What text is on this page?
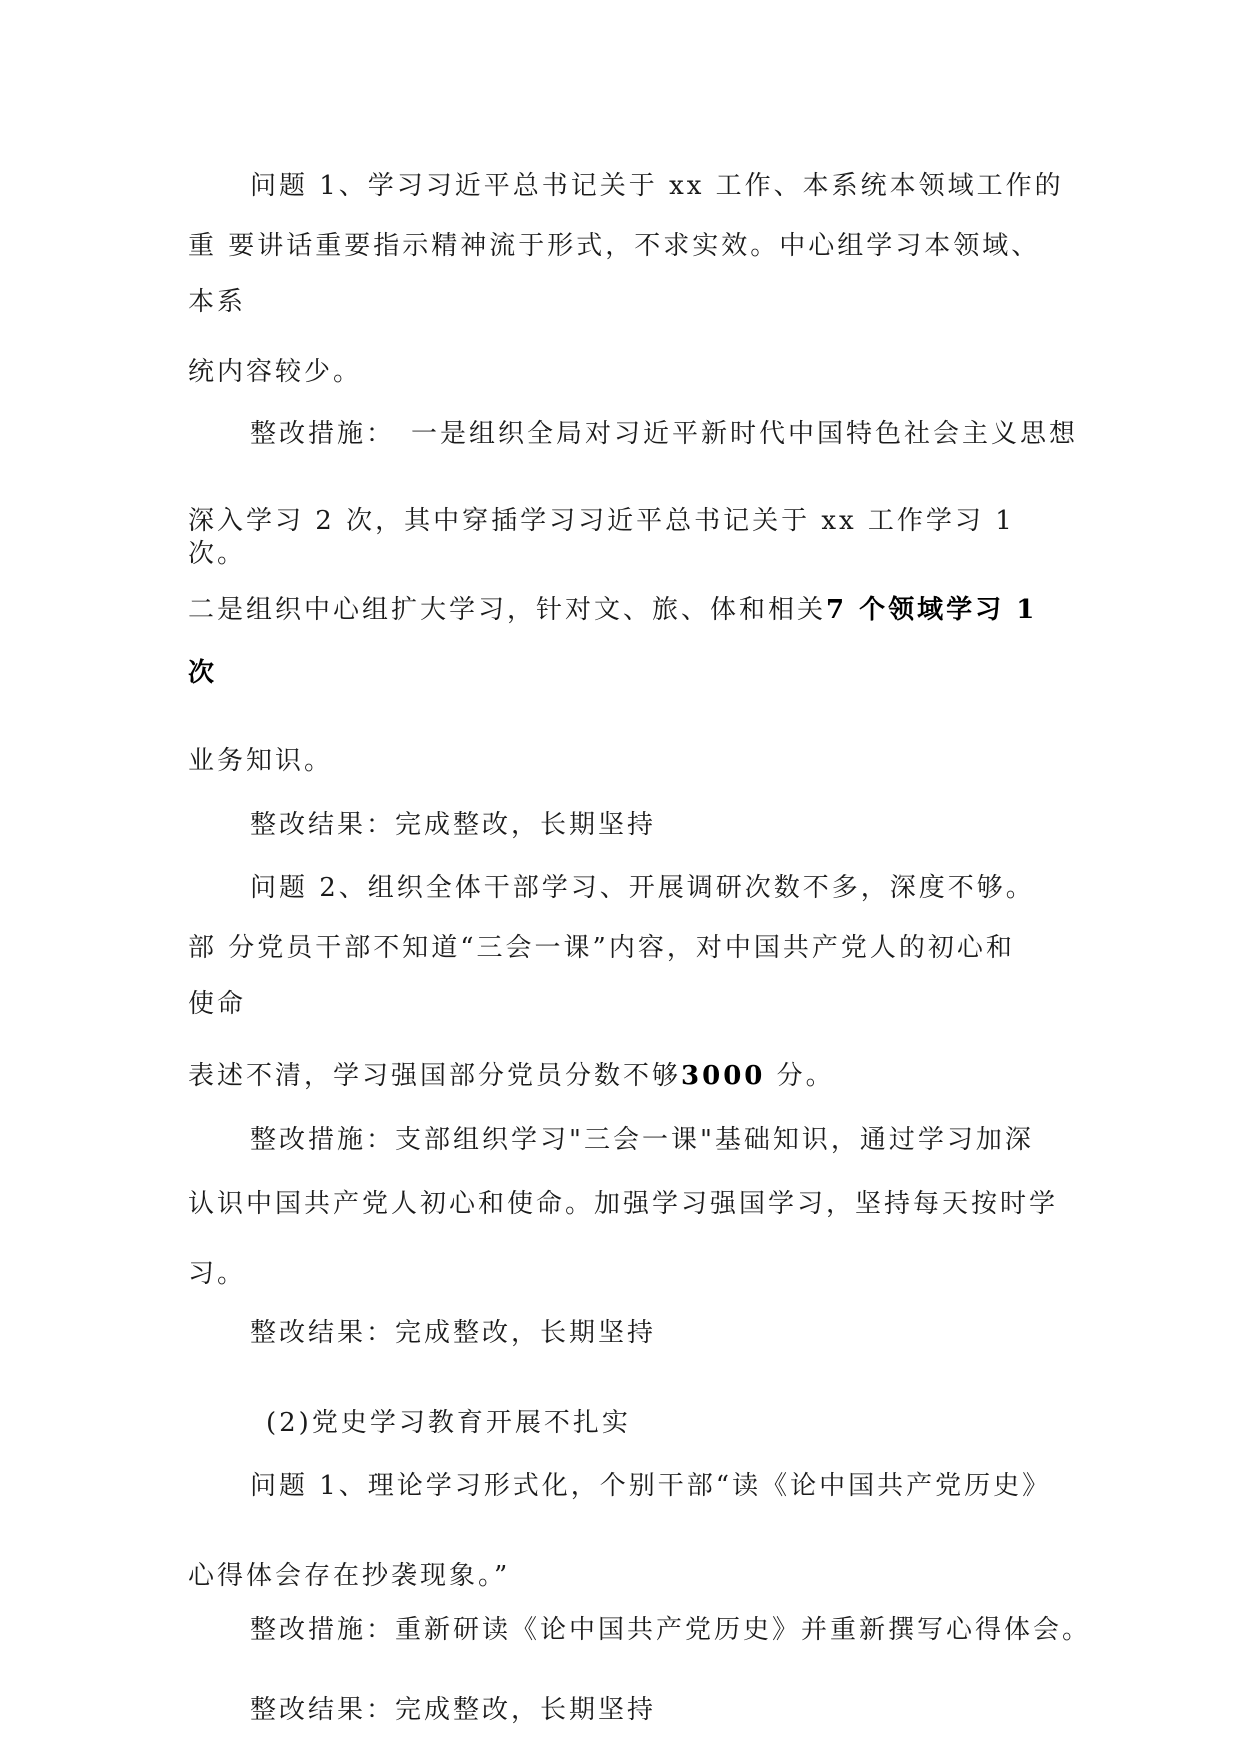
问题 1、学习习近平总书记关于 xx 工作、本系统本领域工作的

重 要讲话重要指示精神流于形式，不求实效。中心组学习本领域、

本系

统内容较少。

整改措施：　一是组织全局对习近平新时代中国特色社会主义思想

深入学习 2 次，其中穿插学习习近平总书记关于 xx 工作学习 1

次。

二是组织中心组扩大学习，针对文、旅、体和相关7 个领域学习 1

次

业务知识。

整改结果：完成整改，长期坚持

问题 2、组织全体干部学习、开展调研次数不多，深度不够。

部 分党员干部不知道“三会一课”内容，对中国共产党人的初心和

使命

表述不清，学习强国部分党员分数不够3000 分。

整改措施：支部组织学习"三会一课"基础知识，通过学习加深

认识中国共产党人初心和使命。加强学习强国学习，坚持每天按时学

习。

整改结果：完成整改，长期坚持

(2)党史学习教育开展不扎实

问题 1、理论学习形式化，个别干部“读《论中国共产党历史》

心得体会存在抄袭现象。”

整改措施：重新研读《论中国共产党历史》并重新撰写心得体会。

整改结果：完成整改，长期坚持
